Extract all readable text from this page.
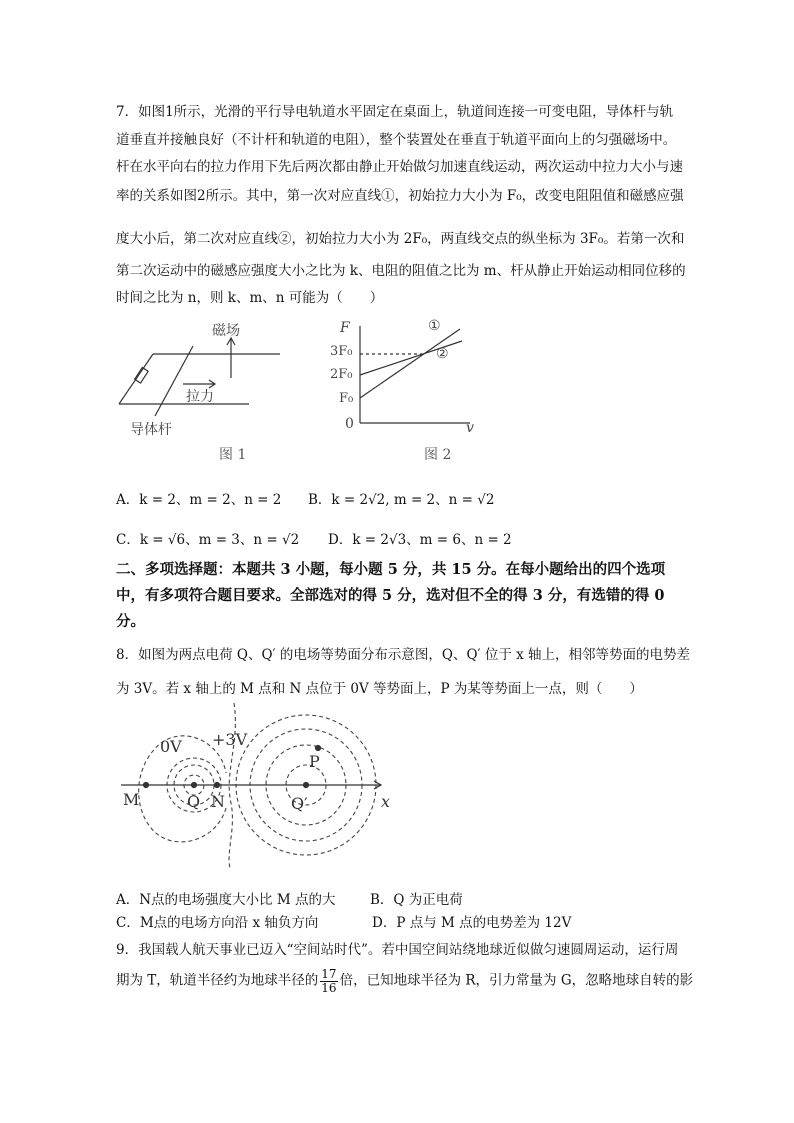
7．如图1所示，光滑的平行导电轨道水平固定在桌面上，轨道间连接一可变电阻，导体杆与轨
道垂直并接触良好（不计杆和轨道的电阻），整个装置处在垂直于轨道平面向上的匀强磁场中。
杆在水平向右的拉力作用下先后两次都由静止开始做匀加速直线运动，两次运动中拉力大小与速
率的关系如图2所示。其中，第一次对应直线①，初始拉力大小为 F₀，改变电阻阻值和磁感应强
度大小后，第二次对应直线②，初始拉力大小为 2F₀，两直线交点的纵坐标为 3F₀。若第一次和
第二次运动中的磁感应强度大小之比为 k、电阻的阻值之比为 m、杆从静止开始运动相同位移的
时间之比为 n，则 k、m、n 可能为（　　）
磁场
拉力
导体杆
图 1
F	①
②
3F₀
2F₀
F₀
0	v
图 2
A．k = 2、m = 2、n = 2 B．k = 2√2, m = 2、n = √2
C．k = √6、m = 3、n = √2 D．k = 2√3、m = 6、n = 2
二、多项选择题：本题共 3 小题，每小题 5 分，共 15 分。在每小题给出的四个选项
中，有多项符合题目要求。全部选对的得 5 分，选对但不全的得 3 分，有选错的得 0
分。
8．如图为两点电荷 Q、Q′ 的电场等势面分布示意图，Q、Q′ 位于 x 轴上，相邻等势面的电势差
为 3V。若 x 轴上的 M 点和 N 点位于 0V 等势面上，P 为某等势面上一点，则（　　）
0V +3V
M	Q N
P
Q′	x
A．N点的电场强度大小比 M 点的大	B．Q 为正电荷
C．M点的电场方向沿 x 轴负方向	D．P 点与 M 点的电势差为 12V
9．我国载人航天事业已迈入“空间站时代”。若中国空间站绕地球近似做匀速圆周运动，运行周
期为 T，轨道半径约为地球半径的 $\frac{17}{16}$ 倍，已知地球半径为 R，引力常量为 G，忽略地球自转的影
